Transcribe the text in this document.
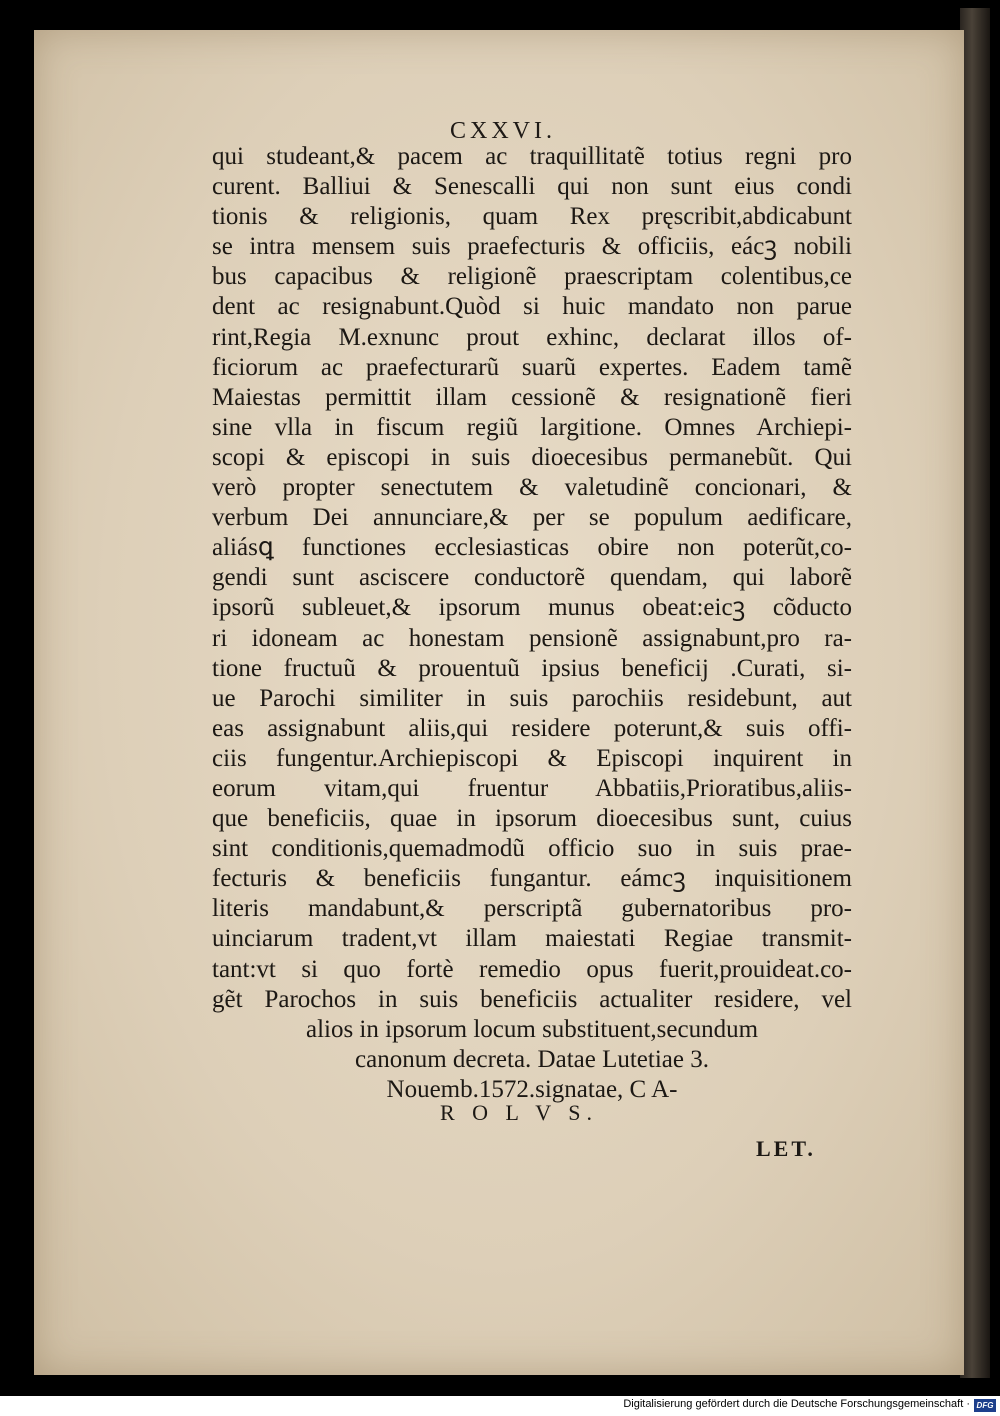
CXXVI.
qui studeant,& pacem ac traquillitatẽ totius regni pro
curent. Balliui & Senescalli qui non sunt eius condi
tionis & religionis, quam Rex pręscribit,abdicabunt
se intra mensem suis praefecturis & officiis, eácꝫ nobili
bus capacibus & religionẽ praescriptam colentibus,ce
dent ac resignabunt.Quòd si huic mandato non parue
rint,Regia M.exnunc prout exhinc, declarat illos of-
ficiorum ac praefecturarũ suarũ expertes. Eadem tamẽ
Maiestas permittit illam cessionẽ & resignationẽ fieri
sine vlla in fiscum regiũ largitione. Omnes Archiepi-
scopi & episcopi in suis dioecesibus permanebũt. Qui
verò propter senectutem & valetudinẽ concionari, &
verbum Dei annunciare,& per se populum aedificare,
aliásꝗ functiones ecclesiasticas obire non poterũt,co-
gendi sunt asciscere conductorẽ quendam, qui laborẽ
ipsorũ subleuet,& ipsorum munus obeat:eicꝫ cõducto
ri idoneam ac honestam pensionẽ assignabunt,pro ra-
tione fructuũ & prouentuũ ipsius beneficij .Curati, si-
ue Parochi similiter in suis parochiis residebunt, aut
eas assignabunt aliis,qui residere poterunt,& suis offi-
ciis fungentur.Archiepiscopi & Episcopi inquirent in
eorum vitam,qui fruentur Abbatiis,Prioratibus,aliis-
que beneficiis, quae in ipsorum dioecesibus sunt, cuius
sint conditionis,quemadmodũ officio suo in suis prae-
fecturis & beneficiis fungantur. eámcꝫ inquisitionem
literis mandabunt,& perscriptã gubernatoribus pro-
uinciarum tradent,vt illam maiestati Regiae transmit-
tant:vt si quo fortè remedio opus fuerit,prouideat.co-
gẽt Parochos in suis beneficiis actualiter residere, vel
alios in ipsorum locum substituent,secundum
canonum decreta. Datae Lutetiae 3.
Nouemb.1572.signatae, C A-
R O L V S.
LET.
Digitalisierung gefördert durch die Deutsche Forschungsgemeinschaft · DFG
